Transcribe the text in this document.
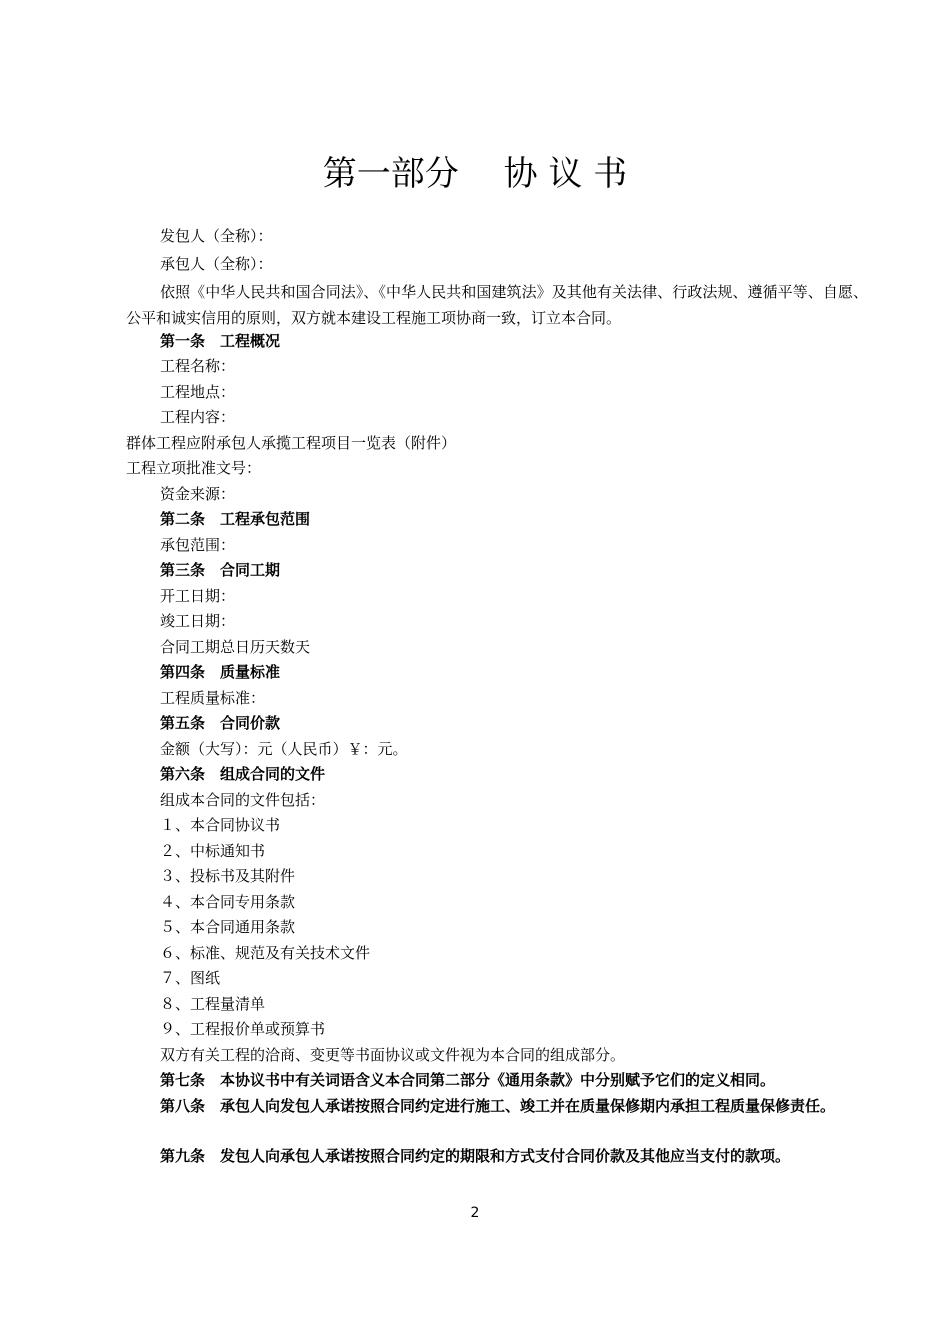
第一部分　 协 议 书
发包人（全称）：
承包人（全称）：
依照《中华人民共和国合同法》、《中华人民共和国建筑法》及其他有关法律、行政法规、遵循平等、自愿、公平和诚实信用的原则，双方就本建设工程施工项协商一致，订立本合同。
第一条　工程概况
工程名称：
工程地点：
工程内容：
群体工程应附承包人承揽工程项目一览表（附件）
工程立项批准文号：
资金来源：
第二条　工程承包范围
承包范围：
第三条　合同工期
开工日期：
竣工日期：
合同工期总日历天数天
第四条　质量标准
工程质量标准：
第五条　合同价款
金额（大写）：元（人民币）￥：元。
第六条　组成合同的文件
组成本合同的文件包括：
１、本合同协议书
２、中标通知书
３、投标书及其附件
４、本合同专用条款
５、本合同通用条款
６、标准、规范及有关技术文件
７、图纸
８、工程量清单
９、工程报价单或预算书
双方有关工程的洽商、变更等书面协议或文件视为本合同的组成部分。
第七条　本协议书中有关词语含义本合同第二部分《通用条款》中分别赋予它们的定义相同。
第八条　承包人向发包人承诺按照合同约定进行施工、竣工并在质量保修期内承担工程质量保修责任。
第九条　发包人向承包人承诺按照合同约定的期限和方式支付合同价款及其他应当支付的款项。
2
